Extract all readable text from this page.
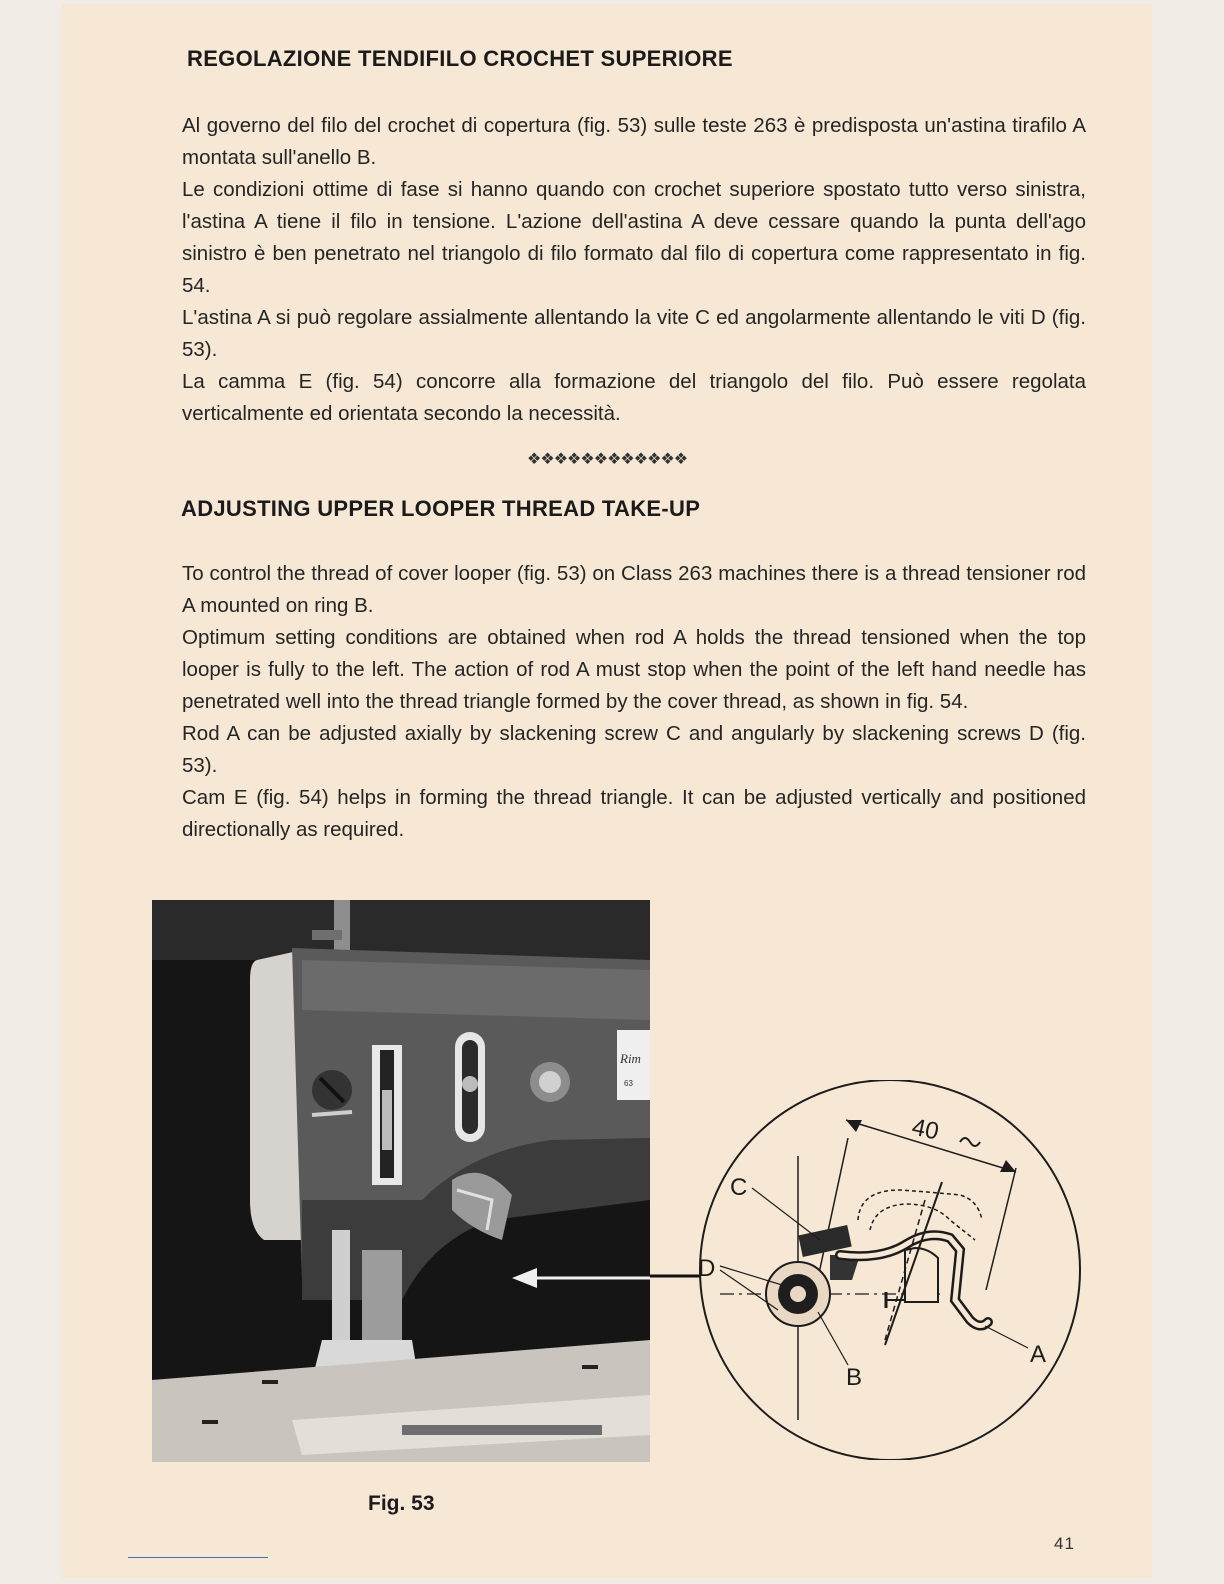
REGOLAZIONE TENDIFILO CROCHET SUPERIORE

Al governo del filo del crochet di copertura (fig. 53) sulle teste 263 è predisposta un'astina tirafilo A montata sull'anello B.

Le condizioni ottime di fase si hanno quando con crochet superiore spostato tutto verso sinistra, l'astina A tiene il filo in tensione. L'azione dell'astina A deve cessare quando la punta dell'ago sinistro è ben penetrato nel triangolo di filo formato dal filo di copertura come rappresentato in fig. 54.

L'astina A si può regolare assialmente allentando la vite C ed angolarmente allentando le viti D (fig. 53).

La camma E (fig. 54) concorre alla formazione del triangolo del filo. Può essere regolata verticalmente ed orientata secondo la necessità.

❖❖❖❖❖❖❖❖❖❖❖❖
ADJUSTING UPPER LOOPER THREAD TAKE-UP

To control the thread of cover looper (fig. 53) on Class 263 machines there is a thread tensioner rod A mounted on ring B.

Optimum setting conditions are obtained when rod A holds the thread tensioned when the top looper is fully to the left. The action of rod A must stop when the point of the left hand needle has penetrated well into the thread triangle formed by the cover thread, as shown in fig. 54.

Rod A can be adjusted axially by slackening screw C and angularly by slackening screws D (fig. 53).

Cam E (fig. 54) helps in forming the thread triangle. It can be adjusted vertically and positioned directionally as required.

Rim
63
40
C
D
B
A
Fig. 53
41
